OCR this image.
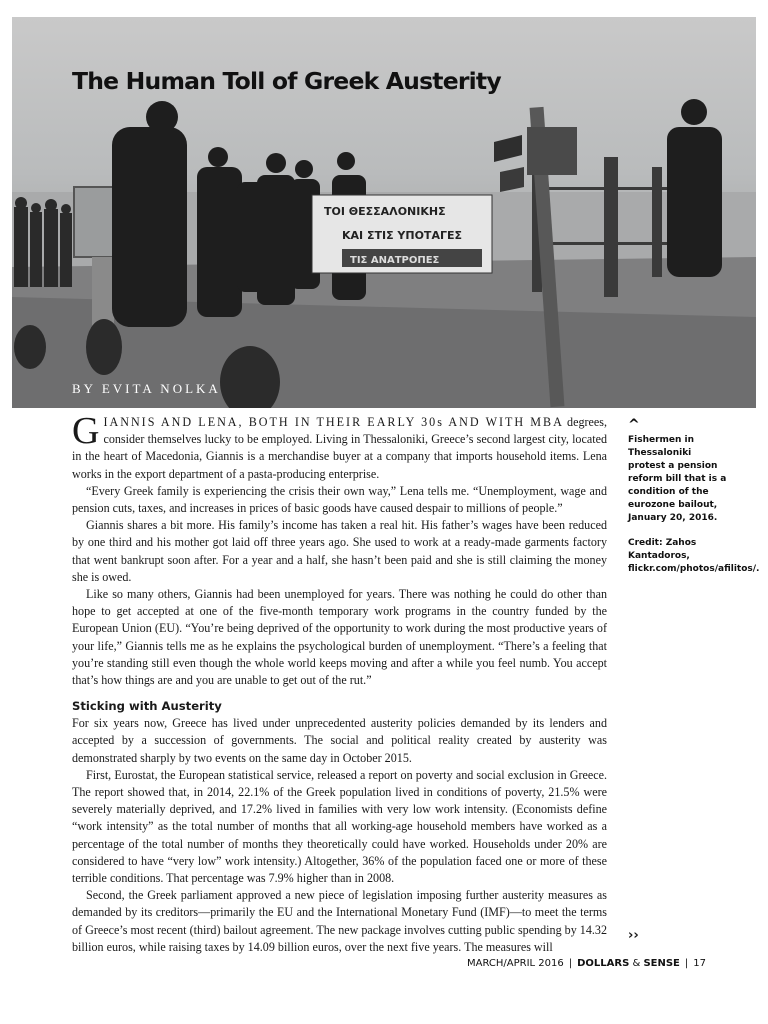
ΤΟΙ ΘΕΣΣΑΛΟΝΙΚΗΣ
ΚΑΙ ΣΤΙΣ ΥΠΟΤΑΓΕΣ
ΤΙΣ ΑΝΑΤΡΟΠΕΣ
The Human Toll of Greek Austerity
BY EVITA NOLKA

GIANNIS AND LENA, BOTH IN THEIR EARLY 30s AND WITH MBA degrees, consider themselves lucky to be employed. Living in Thessaloniki, Greece’s second largest city, located in the heart of Macedonia, Giannis is a merchandise buyer at a company that imports household items. Lena works in the export department of a pasta-producing enterprise.

“Every Greek family is experiencing the crisis their own way,” Lena tells me. “Unemployment, wage and pension cuts, taxes, and increases in prices of basic goods have caused despair to millions of people.”

Giannis shares a bit more. His family’s income has taken a real hit. His father’s wages have been reduced by one third and his mother got laid off three years ago. She used to work at a ready-made garments factory that went bankrupt soon after. For a year and a half, she hasn’t been paid and she is still claiming the money she is owed.

Like so many others, Giannis had been unemployed for years. There was nothing he could do other than hope to get accepted at one of the five-month temporary work programs in the country funded by the European Union (EU). “You’re being deprived of the opportunity to work during the most productive years of your life,” Giannis tells me as he explains the psychological burden of unemployment. “There’s a feeling that you’re standing still even though the whole world keeps moving and after a while you feel numb. You accept that’s how things are and you are unable to get out of the rut.”

Sticking with Austerity

For six years now, Greece has lived under unprecedented austerity policies demanded by its lenders and accepted by a succession of governments. The social and political reality created by austerity was demonstrated sharply by two events on the same day in October 2015.

First, Eurostat, the European statistical service, released a report on poverty and social exclusion in Greece. The report showed that, in 2014, 22.1% of the Greek population lived in conditions of poverty, 21.5% were severely materially deprived, and 17.2% lived in families with very low work intensity. (Economists define “work intensity” as the total number of months that all working-age household members have worked as a percentage of the total number of months they theoretically could have worked. Households under 20% are considered to have “very low” work intensity.) Altogether, 36% of the population faced one or more of these terrible conditions. That percentage was 7.9% higher than in 2008.

Second, the Greek parliament approved a new piece of legislation imposing further austerity measures as demanded by its creditors—primarily the EU and the International Monetary Fund (IMF)—to meet the terms of Greece’s most recent (third) bailout agreement. The new package involves cutting public spending by 14.32 billion euros, while raising taxes by 14.09 billion euros, over the next five years. The measures will

^
Fishermen in Thessaloniki protest a pension reform bill that is a condition of the eurozone bailout, January 20, 2016.
Credit: Zahos Kantadoros, flickr.com/photos/afilitos/.
››
MARCH/APRIL 2016 | DOLLARS & SENSE | 17
